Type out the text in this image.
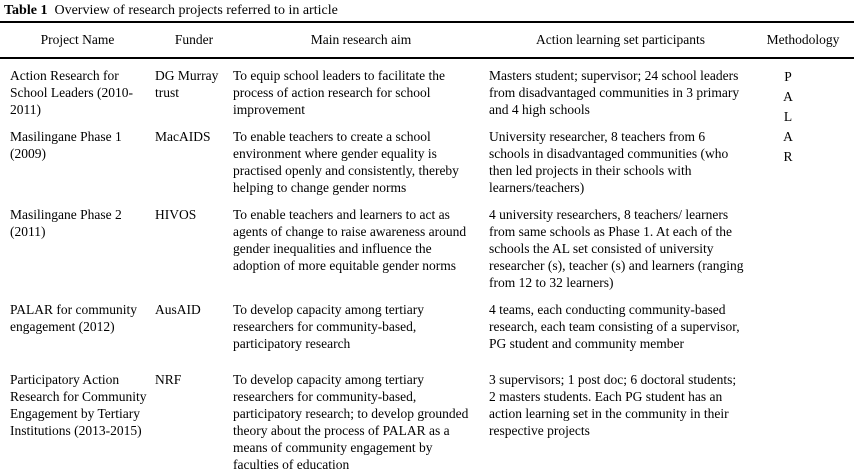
Table 1 Overview of research projects referred to in article
Project Name	Funder	Main research aim	Action learning set participants	Methodology
Action Research for School Leaders (2010-2011)	DG Murray trust	To equip school leaders to facilitate the process of action research for school improvement	Masters student; supervisor; 24 school leaders from disadvantaged communities in 3 primary and 4 high schools	P
A
L
A
R

Masilingane Phase 1 (2009)	MacAIDS	To enable teachers to create a school environment where gender equality is practised openly and consistently, thereby helping to change gender norms	University researcher, 8 teachers from 6 schools in disadvantaged communities (who then led projects in their schools with learners/teachers)	
Masilingane Phase 2 (2011)	HIVOS	To enable teachers and learners to act as agents of change to raise awareness around gender inequalities and influence the adoption of more equitable gender norms	4 university researchers, 8 teachers/ learners from same schools as Phase 1. At each of the schools the AL set consisted of university researcher (s), teacher (s) and learners (ranging from 12 to 32 learners)	
PALAR for community engagement (2012)	AusAID	To develop capacity among tertiary researchers for community-based, participatory research	4 teams, each conducting community-based research, each team consisting of a supervisor, PG student and community member	
Participatory Action Research for Community Engagement by Tertiary Institutions (2013-2015)	NRF	To develop capacity among tertiary researchers for community-based, participatory research; to develop grounded theory about the process of PALAR as a means of community engagement by faculties of education	3 supervisors; 1 post doc; 6 doctoral students; 2 masters students. Each PG student has an action learning set in the community in their respective projects	
